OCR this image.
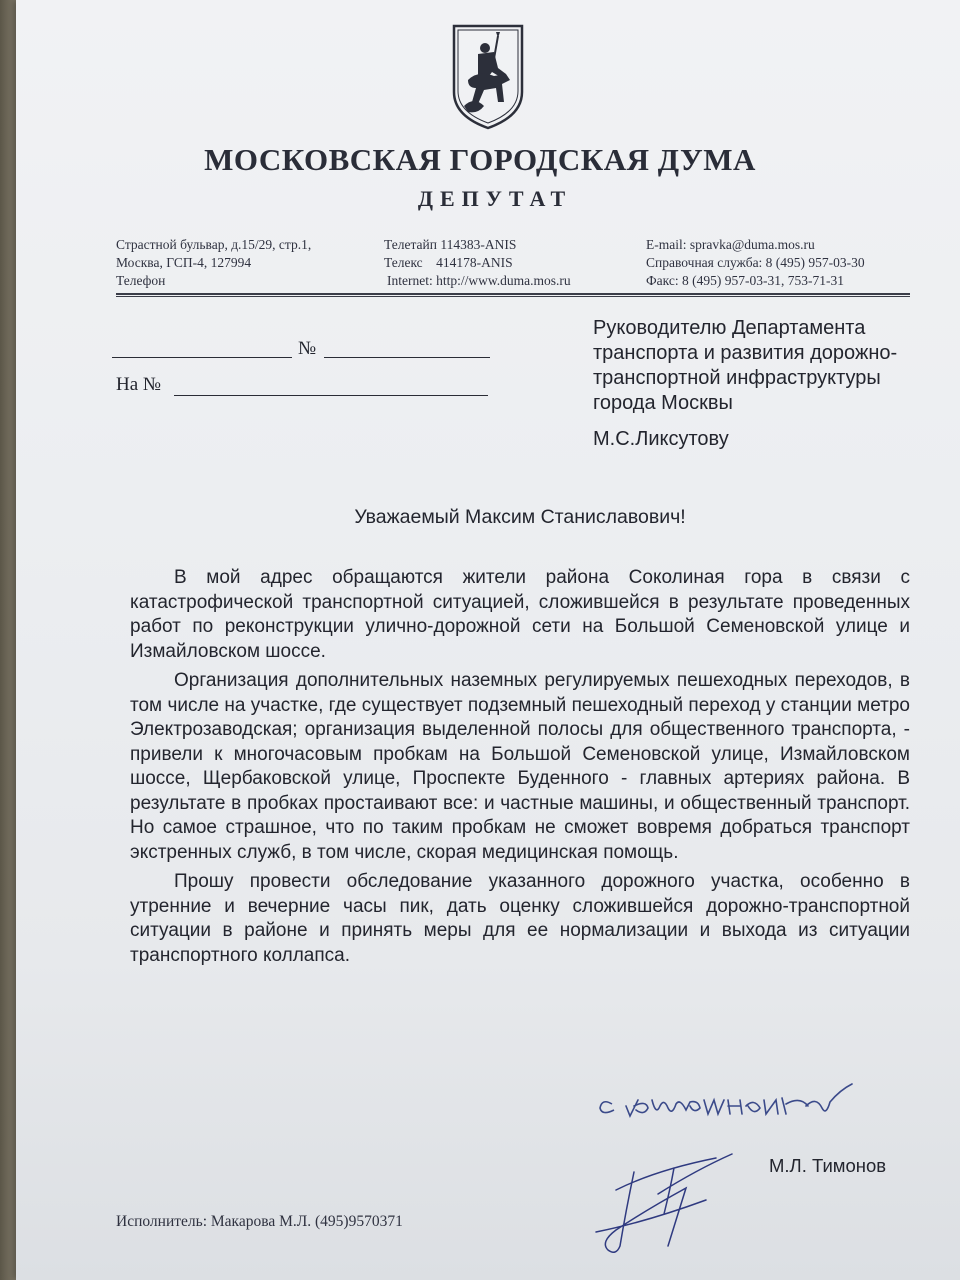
МОСКОВСКАЯ ГОРОДСКАЯ ДУМА
ДЕПУТАТ
Страстной бульвар, д.15/29, стр.1,
Москва, ГСП-4, 127994
Телефон
Телетайп 114383-ANIS
Телекс    414178-ANIS
Internet: http://www.duma.mos.ru
E-mail: spravka@duma.mos.ru
Справочная служба: 8 (495) 957-03-30
Факс: 8 (495) 957-03-31, 753-71-31
№
На №
Руководителю Департамента
транспорта и развития дорожно-
транспортной инфраструктуры
города Москвы
М.С.Ликсутову
Уважаемый Максим Станиславович!

В мой адрес обращаются жители района Соколиная гора в связи с катастрофической транспортной ситуацией, сложившейся в результате проведенных работ по реконструкции улично-дорожной сети на Большой Семеновской улице и Измайловском шоссе.

Организация дополнительных наземных регулируемых пешеходных переходов, в том числе на участке, где существует подземный пешеходный переход у станции метро Электрозаводская; организация выделенной полосы для общественного транспорта, - привели к многочасовым пробкам на Большой Семеновской улице, Измайловском шоссе, Щербаковской улице, Проспекте Буденного - главных артериях района. В результате в пробках простаивают все: и частные машины, и общественный транспорт. Но самое страшное, что по таким пробкам не сможет вовремя добраться транспорт экстренных служб, в том числе, скорая медицинская помощь.

Прошу провести обследование указанного дорожного участка, особенно в утренние и вечерние часы пик, дать оценку сложившейся дорожно-транспортной ситуации в районе и принять меры для ее нормализации и выхода из ситуации транспортного коллапса.

М.Л. Тимонов
Исполнитель: Макарова М.Л. (495)9570371
